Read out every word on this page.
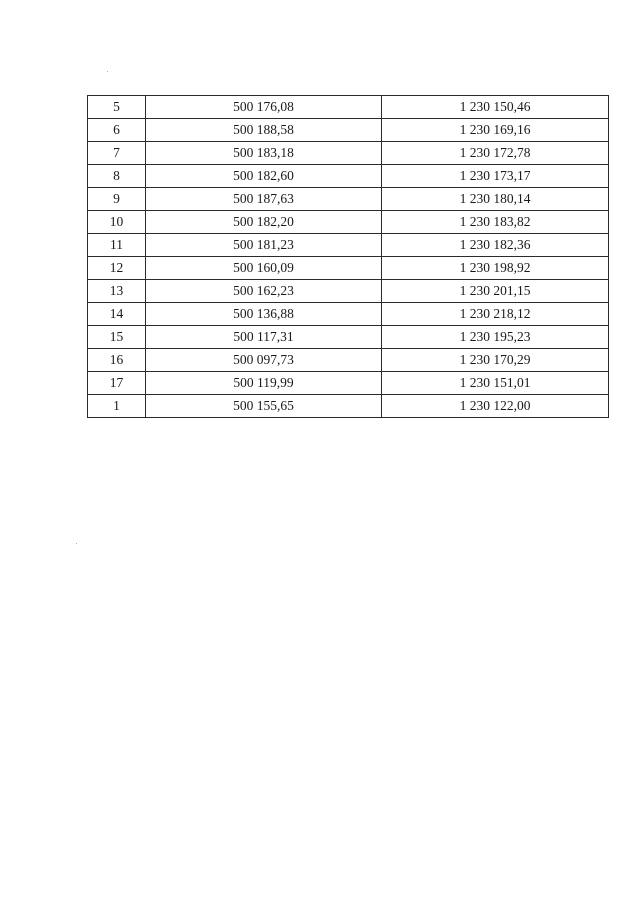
5	500 176,08	1 230 150,46
6	500 188,58	1 230 169,16
7	500 183,18	1 230 172,78
8	500 182,60	1 230 173,17
9	500 187,63	1 230 180,14
10	500 182,20	1 230 183,82
11	500 181,23	1 230 182,36
12	500 160,09	1 230 198,92
13	500 162,23	1 230 201,15
14	500 136,88	1 230 218,12
15	500 117,31	1 230 195,23
16	500 097,73	1 230 170,29
17	500 119,99	1 230 151,01
1	500 155,65	1 230 122,00
